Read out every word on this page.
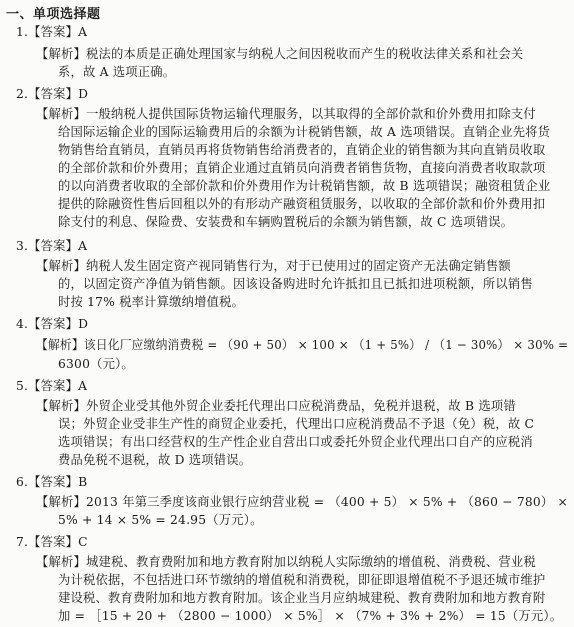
一、单项选择题
1.【答案】A
【解析】税法的本质是正确处理国家与纳税人之间因税收而产生的税收法律关系和社会关
系，故 A 选项正确。
2.【答案】D
【解析】一般纳税人提供国际货物运输代理服务，以其取得的全部价款和价外费用扣除支付
给国际运输企业的国际运输费用后的余额为计税销售额，故 A 选项错误。直销企业先将货
物销售给直销员，直销员再将货物销售给消费者的，直销企业的销售额为其向直销员收取
的全部价款和价外费用；直销企业通过直销员向消费者销售货物，直接向消费者收取款项
的以向消费者收取的全部价款和价外费用作为计税销售额，故 B 选项错误；融资租赁企业
提供的除融资性售后回租以外的有形动产融资租赁服务，以收取的全部价款和价外费用扣
除支付的利息、保险费、安装费和车辆购置税后的余额为销售额，故 C 选项错误。
3.【答案】A
【解析】纳税人发生固定资产视同销售行为，对于已使用过的固定资产无法确定销售额
的，以固定资产净值为销售额。因该设备购进时允许抵扣且已抵扣进项税额，所以销售
时按 17% 税率计算缴纳增值税。
4.【答案】D
【解析】该日化厂应缴纳消费税 = （90 + 50） × 100 × （1 + 5%） / （1 − 30%） × 30% =
6300（元）。
5.【答案】A
【解析】外贸企业受其他外贸企业委托代理出口应税消费品，免税并退税，故 B 选项错
误；外贸企业受非生产性的商贸企业委托，代理出口应税消费品不予退（免）税，故 C
选项错误；有出口经营权的生产性企业自营出口或委托外贸企业代理出口自产的应税消
费品免税不退税，故 D 选项错误。
6.【答案】B
【解析】2013 年第三季度该商业银行应纳营业税 = （400 + 5） × 5% + （860 − 780） ×
5% + 14 × 5% = 24.95（万元）。
7.【答案】C
【解析】城建税、教育费附加和地方教育附加以纳税人实际缴纳的增值税、消费税、营业税
为计税依据，不包括进口环节缴纳的增值税和消费税，即征即退增值税不予退还城市维护
建设税、教育费附加和地方教育附加。该企业当月应纳城建税、教育费附加和地方教育附
加 = ［15 + 20 + （2800 − 1000） × 5%］ × （7% + 3% + 2%） = 15（万元）。
